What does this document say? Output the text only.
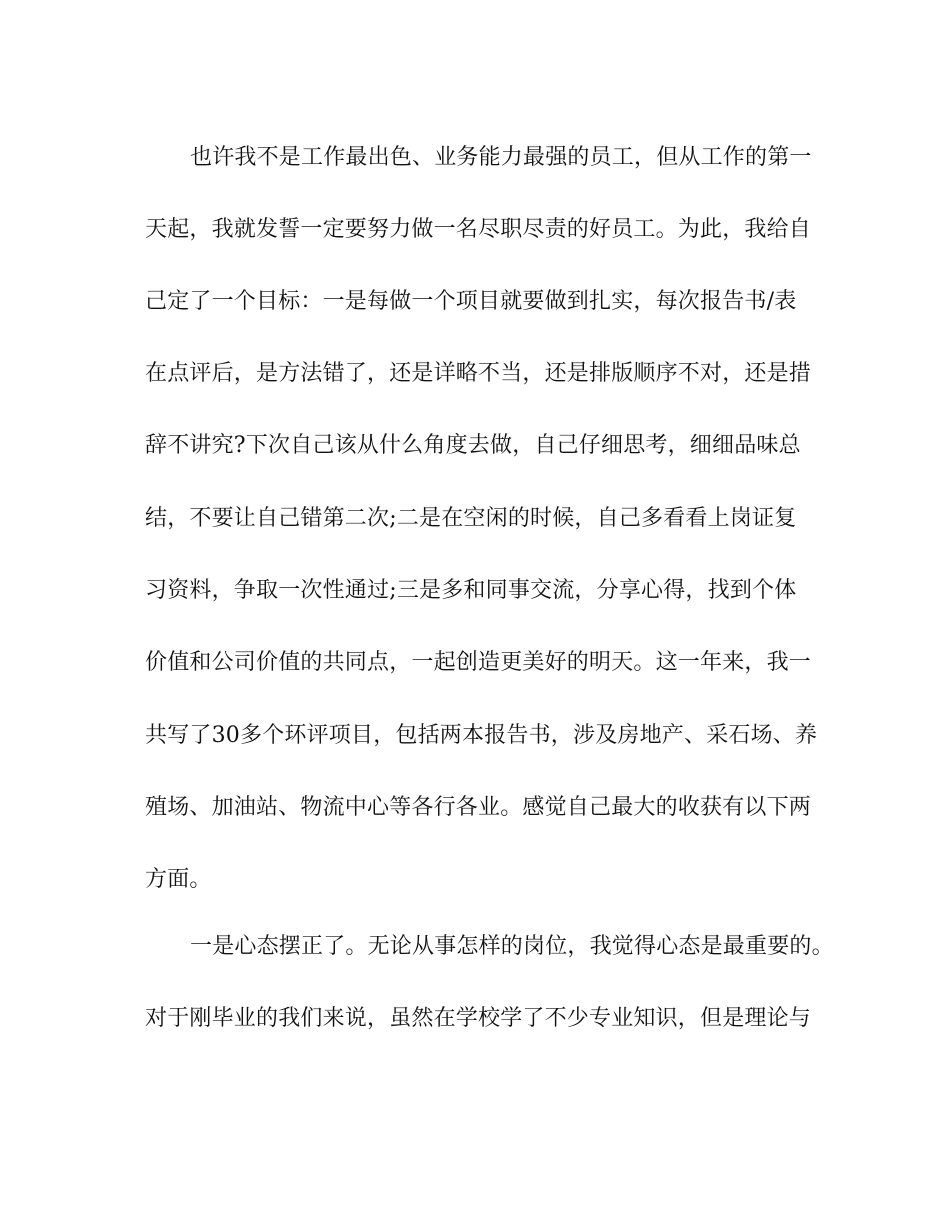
也许我不是工作最出色、业务能力最强的员工，但从工作的第一
天起，我就发誓一定要努力做一名尽职尽责的好员工。为此，我给自
己定了一个目标：一是每做一个项目就要做到扎实，每次报告书/表
在点评后，是方法错了，还是详略不当，还是排版顺序不对，还是措
辞不讲究?下次自己该从什么角度去做，自己仔细思考，细细品味总
结，不要让自己错第二次;二是在空闲的时候，自己多看看上岗证复
习资料，争取一次性通过;三是多和同事交流，分享心得，找到个体
价值和公司价值的共同点，一起创造更美好的明天。这一年来，我一
共写了30多个环评项目，包括两本报告书，涉及房地产、采石场、养
殖场、加油站、物流中心等各行各业。感觉自己最大的收获有以下两
方面。
一是心态摆正了。无论从事怎样的岗位，我觉得心态是最重要的。
对于刚毕业的我们来说，虽然在学校学了不少专业知识，但是理论与
